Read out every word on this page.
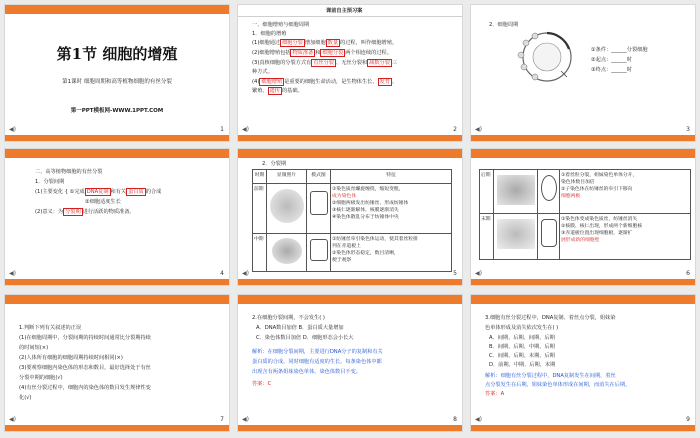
第1节 细胞的增殖
第1课时 细胞周期和高等植物细胞的有丝分裂
第一PPT模板网-WWW.1PPT.COM
◀)	1
课前自主预习案
一、细胞增殖与细胞周期
1．细胞的增殖
(1)细胞通过 细胞分裂 增加细胞 数量 的过程，叫作细胞增殖。
(2)细胞增殖包括 物质准备 和 细胞分裂 两个相连续的过程。
(3)真核细胞的分裂方式有 有丝分裂 、无丝分裂和 减数分裂 三
种方式。
(4) 细胞增殖 是重要的细胞生命活动，是生物体生长、 发育 、
繁殖、 遗传 的基础。
◀)	2
2．细胞周期
①条件：______分裂细胞
②起点：______时
③终点：______时
◀)	3
二、高等植物细胞的有丝分裂
1．分裂间期
(1)主要变化 { ①完成 DNA复制 和有关 蛋白质 的合成
②细胞适度生长
(2)意义：为 分裂期 进行活跃的物质准备。
◀)	4
2．分裂期
时期	显微照片	模式图	特征
前期			①染色质丝螺旋缠绕，缩短变粗，
成为染色体
②细胞两极发出纺锤丝，形成纺锤体
③核仁逐渐解体，核膜逐渐消失
④染色体散乱分布于纺锤体中央

中期			①纺锤丝牵引染色体运动，使其着丝粒排
列在赤道板上
②染色体形态稳定，数目清晰，
便于观察
◀)	5
后期			①着丝粒分裂，姐妹染色单体分开，
染色体数目加倍
②子染色体在纺锤丝的牵引下移向
细胞两极

末期			①染色体变成染色质丝，纺锤丝消失
②核膜、核仁出现，形成两个新细胞核
③赤道板位置出现细胞板，逐渐扩
展形成新的细胞壁
◀)	6
1.判断下列有关叙述的正误
(1)在细胞周期中，分裂间期的持续时间通常比分裂期持续
的时间短(×)
(2)人体所有细胞的细胞周期持续时间相同(×)
(3)要观察细胞内染色体的形态和数目，最好选择处于有丝
分裂中期的细胞(√)
(4)有丝分裂过程中，细胞内的染色体的数目发生规律性变
化(√)
◀)	7
2.在细胞分裂间期，不会发生( )
A．DNA数目加倍 B．蛋白质大量增加
C．染色体数目加倍 D．细胞形态会小长大
解析：在细胞分裂间期，主要进行DNA分子的复制和有关
蛋白质的合成，同时细胞有适度的生长。每条染色体中都
出现含有两条姐妹染色单体，染色体数目不变。
答案：C
◀)	8
3.细胞有丝分裂过程中，DNA复制、着丝点分裂，姐妹染
色单体形成及消失依次发生在( )
A．间期、后期、间期、后期
B．间期、后期、中期、后期
C．间期、后期、末期、后期
D．前期、中期、后期、末期
解析：细胞有丝分裂过程中，DNA复制发生在间期，着丝
点分裂发生在后期，姐妹染色单体形成在间期，而消失在后期。
答案：A
◀)	9
